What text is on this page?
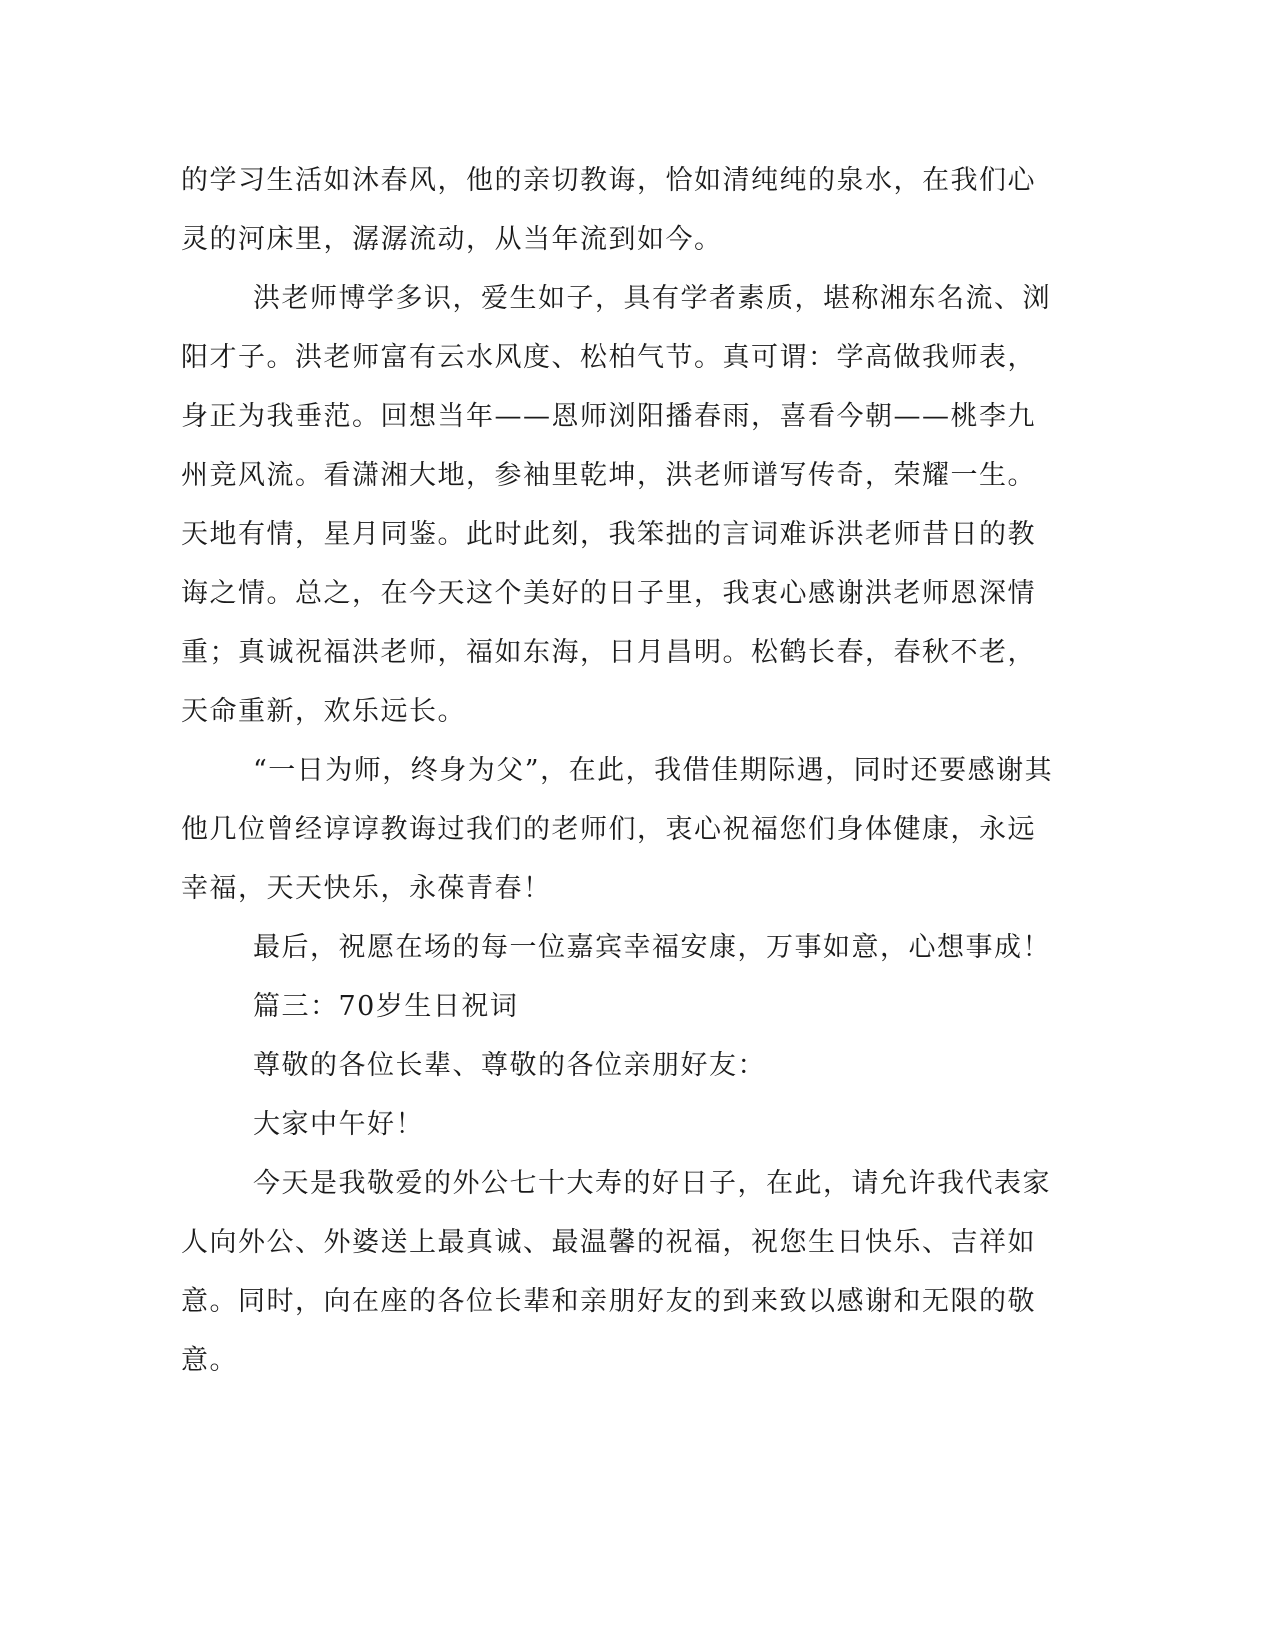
的学习生活如沐春风，他的亲切教诲，恰如清纯纯的泉水，在我们心
灵的河床里，潺潺流动，从当年流到如今。

洪老师博学多识，爱生如子，具有学者素质，堪称湘东名流、浏
阳才子。洪老师富有云水风度、松柏气节。真可谓：学高做我师表，
身正为我垂范。回想当年——恩师浏阳播春雨，喜看今朝——桃李九
州竞风流。看潇湘大地，参袖里乾坤，洪老师谱写传奇，荣耀一生。
天地有情，星月同鉴。此时此刻，我笨拙的言词难诉洪老师昔日的教
诲之情。总之，在今天这个美好的日子里，我衷心感谢洪老师恩深情
重；真诚祝福洪老师，福如东海，日月昌明。松鹤长春，春秋不老，
天命重新，欢乐远长。

“一日为师，终身为父”，在此，我借佳期际遇，同时还要感谢其
他几位曾经谆谆教诲过我们的老师们，衷心祝福您们身体健康，永远
幸福，天天快乐，永葆青春！

最后，祝愿在场的每一位嘉宾幸福安康，万事如意，心想事成！

篇三：70岁生日祝词

尊敬的各位长辈、尊敬的各位亲朋好友：

大家中午好！

今天是我敬爱的外公七十大寿的好日子，在此，请允许我代表家
人向外公、外婆送上最真诚、最温馨的祝福，祝您生日快乐、吉祥如
意。同时，向在座的各位长辈和亲朋好友的到来致以感谢和无限的敬
意。
